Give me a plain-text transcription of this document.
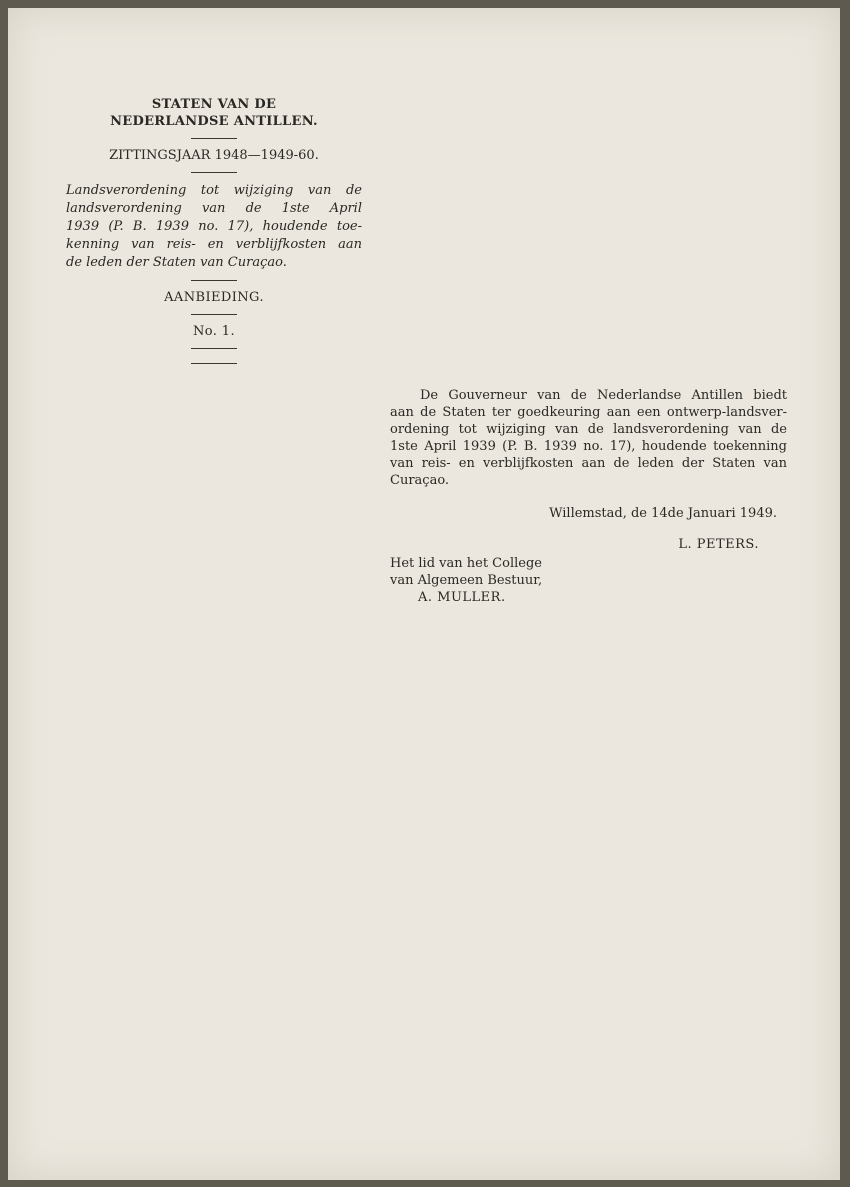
STATEN VAN DE
NEDERLANDSE ANTILLEN.
ZITTINGSJAAR 1948—1949-60.
Landsverordening tot wijziging van de
landsverordening van de 1ste April
1939 (P. B. 1939 no. 17), houdende toe-
kenning van reis- en verblijfkosten aan
de leden der Staten van Curaçao.
AANBIEDING.
No. 1.
De Gouverneur van de Nederlandse Antillen biedt
aan de Staten ter goedkeuring aan een ontwerp-landsver-
ordening tot wijziging van de landsverordening van de
1ste April 1939 (P. B. 1939 no. 17), houdende toekenning
van reis- en verblijfkosten aan de leden der Staten van
Curaçao.
Willemstad, de 14de Januari 1949.
L. PETERS.
Het lid van het College
van Algemeen Bestuur,
A. MULLER.
